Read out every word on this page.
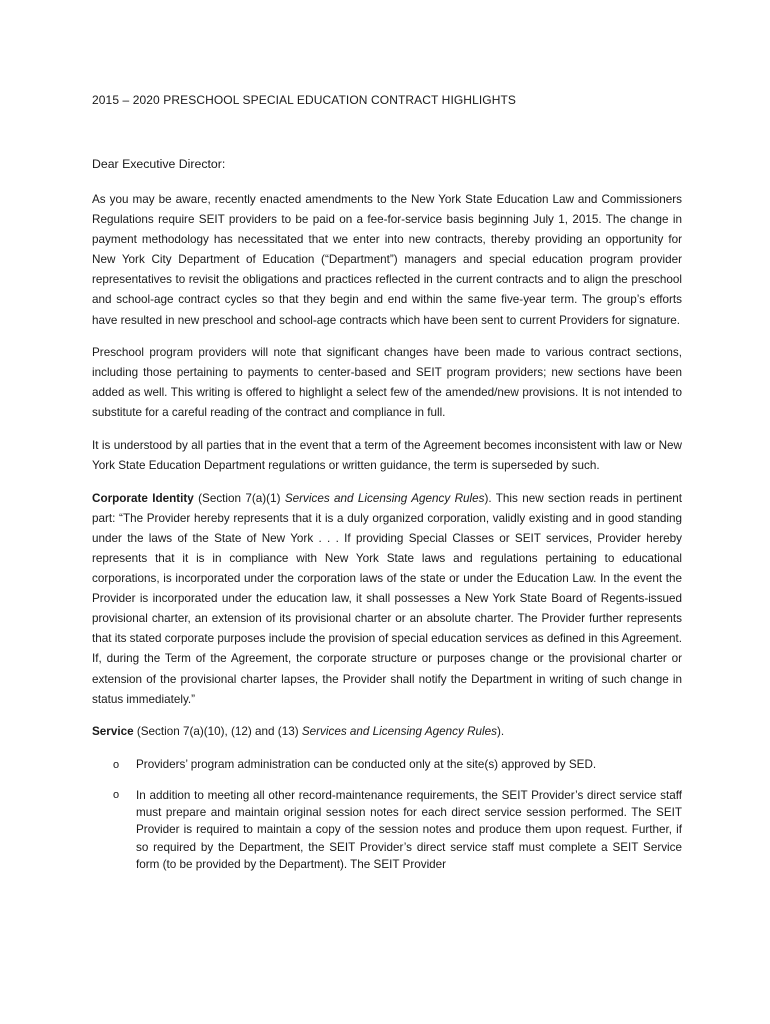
2015 – 2020 PRESCHOOL SPECIAL EDUCATION CONTRACT HIGHLIGHTS
Dear Executive Director:

As you may be aware, recently enacted amendments to the New York State Education Law and Commissioners Regulations require SEIT providers to be paid on a fee-for-service basis beginning July 1, 2015. The change in payment methodology has necessitated that we enter into new contracts, thereby providing an opportunity for New York City Department of Education (“Department”) managers and special education program provider representatives to revisit the obligations and practices reflected in the current contracts and to align the preschool and school-age contract cycles so that they begin and end within the same five-year term. The group’s efforts have resulted in new preschool and school-age contracts which have been sent to current Providers for signature.

Preschool program providers will note that significant changes have been made to various contract sections, including those pertaining to payments to center-based and SEIT program providers; new sections have been added as well. This writing is offered to highlight a select few of the amended/new provisions. It is not intended to substitute for a careful reading of the contract and compliance in full.

It is understood by all parties that in the event that a term of the Agreement becomes inconsistent with law or New York State Education Department regulations or written guidance, the term is superseded by such.

Corporate Identity (Section 7(a)(1) Services and Licensing Agency Rules). This new section reads in pertinent part: “The Provider hereby represents that it is a duly organized corporation, validly existing and in good standing under the laws of the State of New York . . . If providing Special Classes or SEIT services, Provider hereby represents that it is in compliance with New York State laws and regulations pertaining to educational corporations, is incorporated under the corporation laws of the state or under the Education Law. In the event the Provider is incorporated under the education law, it shall possesses a New York State Board of Regents-issued provisional charter, an extension of its provisional charter or an absolute charter. The Provider further represents that its stated corporate purposes include the provision of special education services as defined in this Agreement. If, during the Term of the Agreement, the corporate structure or purposes change or the provisional charter or extension of the provisional charter lapses, the Provider shall notify the Department in writing of such change in status immediately.”

Service (Section 7(a)(10), (12) and (13) Services and Licensing Agency Rules).

o Providers’ program administration can be conducted only at the site(s) approved by SED.
o In addition to meeting all other record-maintenance requirements, the SEIT Provider’s direct service staff must prepare and maintain original session notes for each direct service session performed. The SEIT Provider is required to maintain a copy of the session notes and produce them upon request. Further, if so required by the Department, the SEIT Provider’s direct service staff must complete a SEIT Service form (to be provided by the Department). The SEIT Provider
